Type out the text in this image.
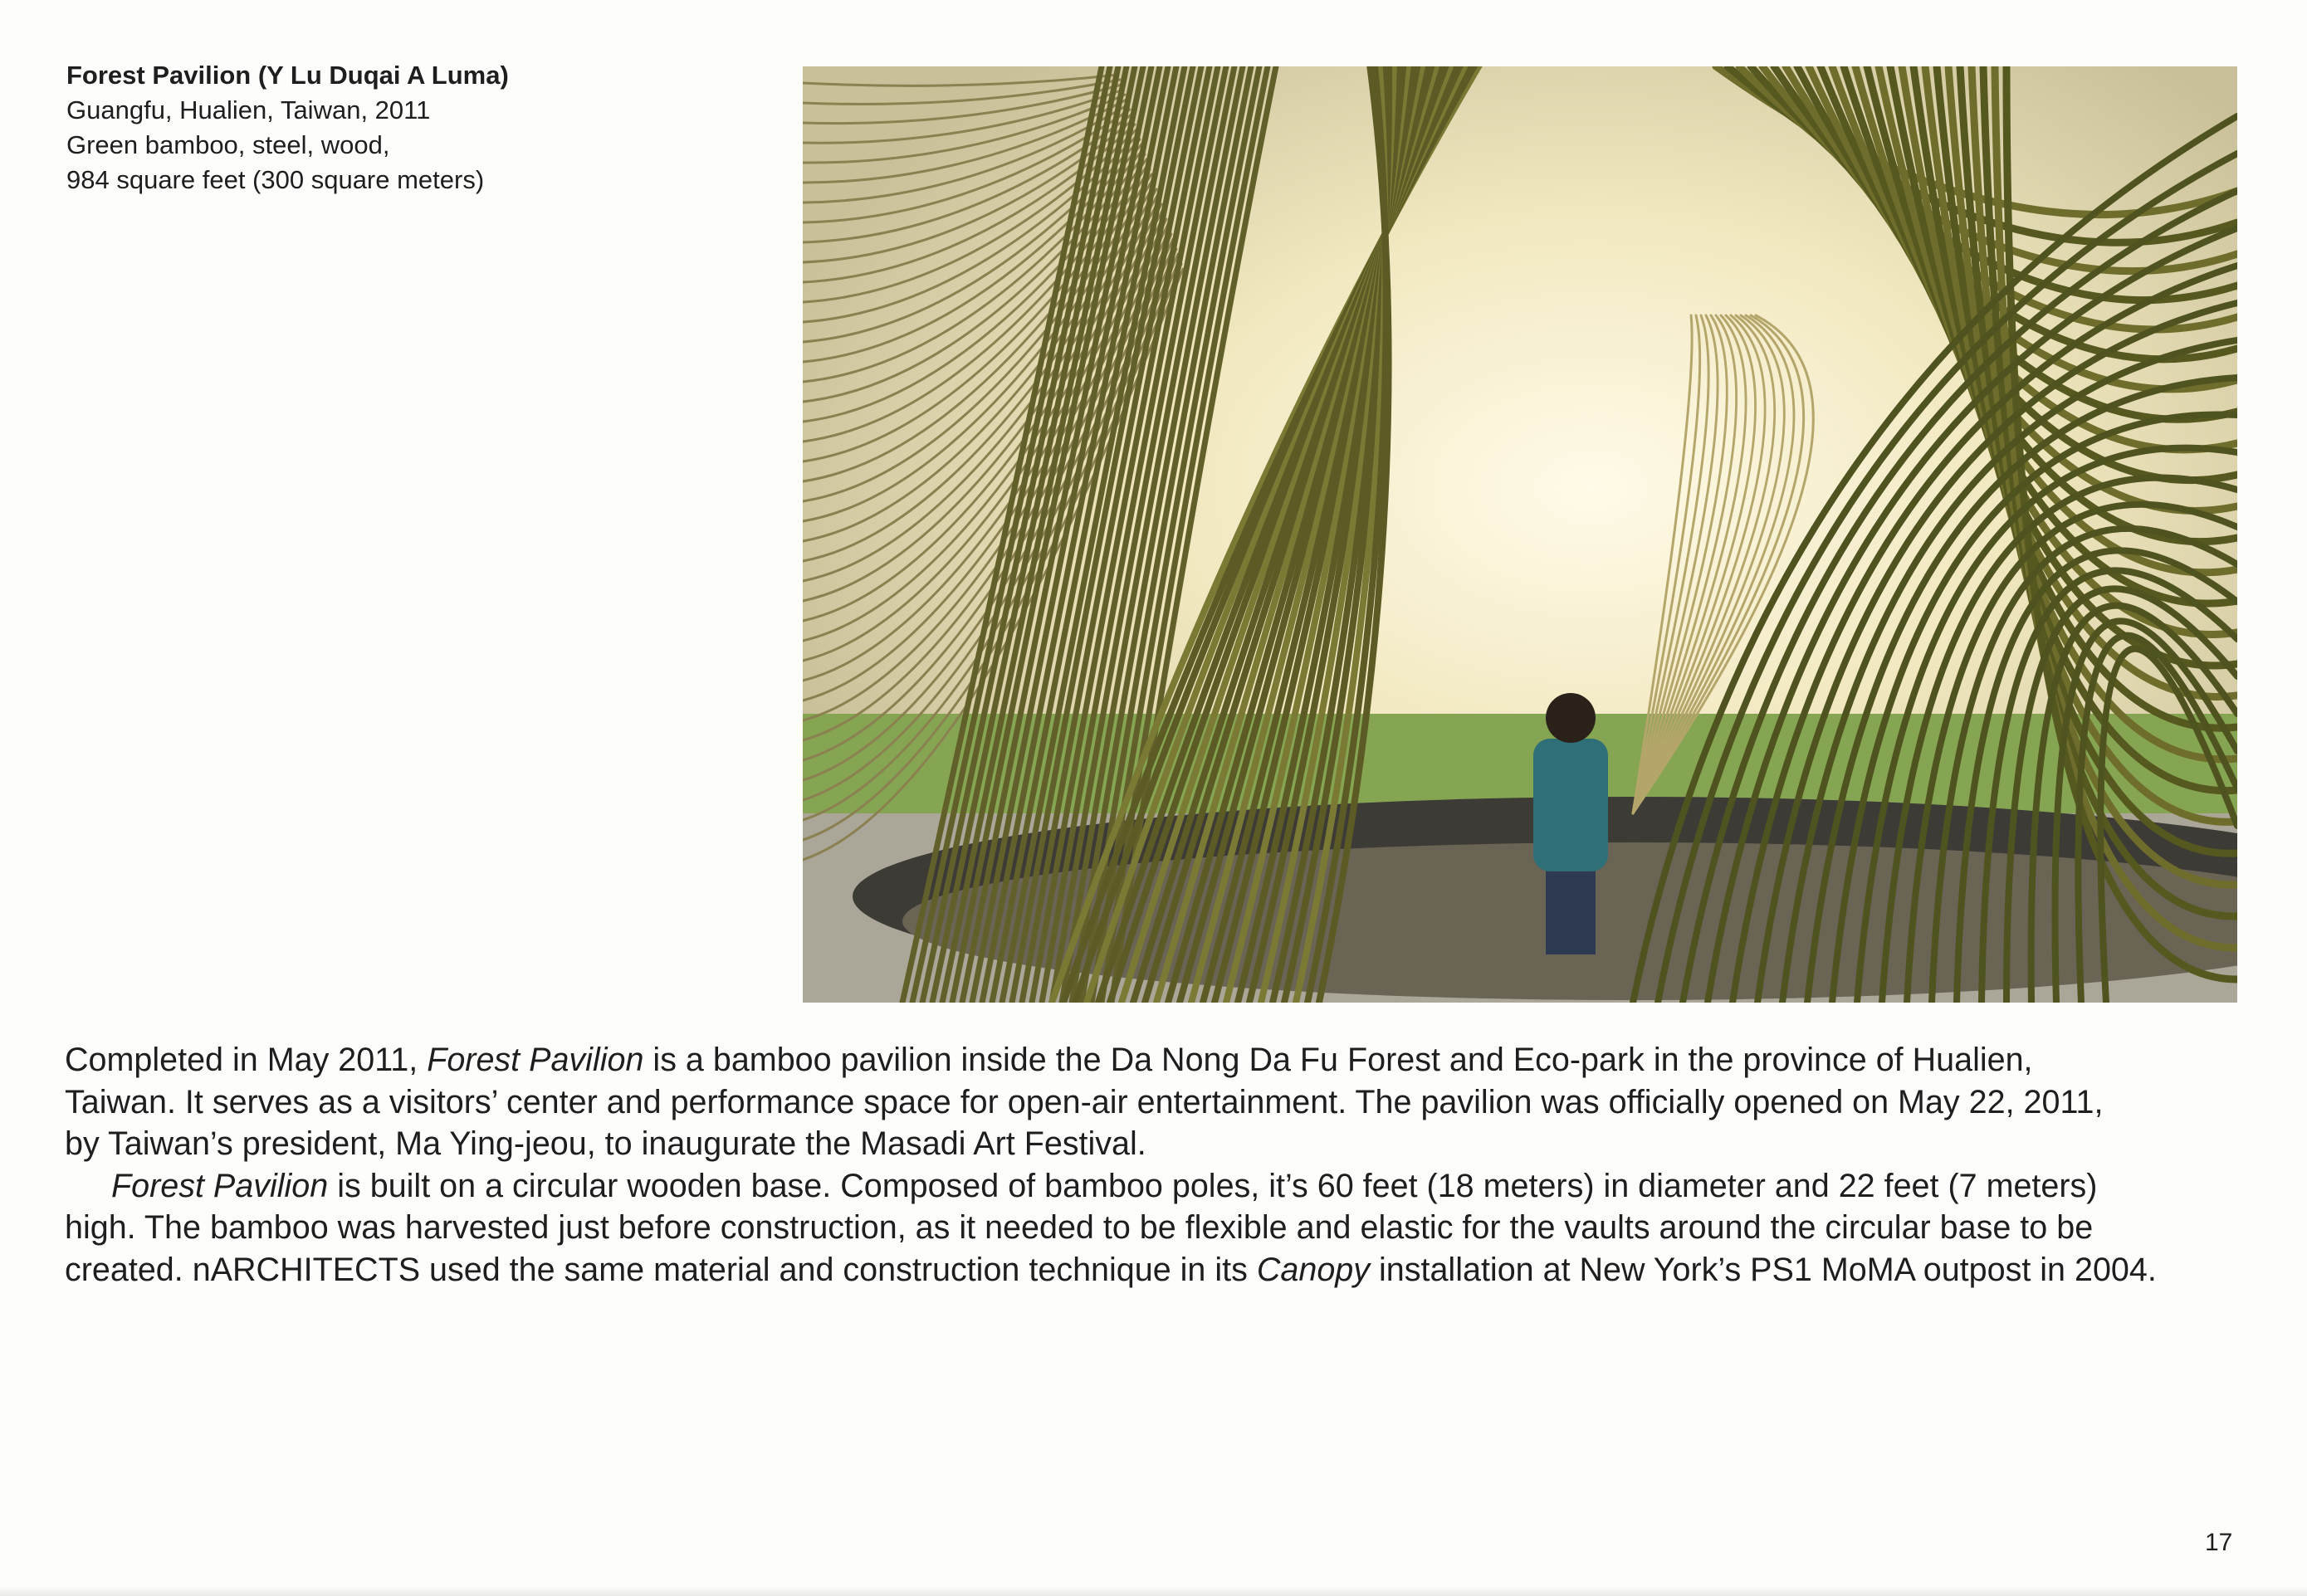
Forest Pavilion (Y Lu Duqai A Luma)
Guangfu, Hualien, Taiwan, 2011
Green bamboo, steel, wood,
984 square feet (300 square meters)
Completed in May 2011, Forest Pavilion is a bamboo pavilion inside the Da Nong Da Fu Forest and Eco-park in the province of Hualien,
Taiwan. It serves as a visitors’ center and performance space for open-air entertainment. The pavilion was officially opened on May 22, 2011,
by Taiwan’s president, Ma Ying-jeou, to inaugurate the Masadi Art Festival.
Forest Pavilion is built on a circular wooden base. Composed of bamboo poles, it’s 60 feet (18 meters) in diameter and 22 feet (7 meters)
high. The bamboo was harvested just before construction, as it needed to be flexible and elastic for the vaults around the circular base to be
created. nARCHITECTS used the same material and construction technique in its Canopy installation at New York’s PS1 MoMA outpost in 2004.
17
